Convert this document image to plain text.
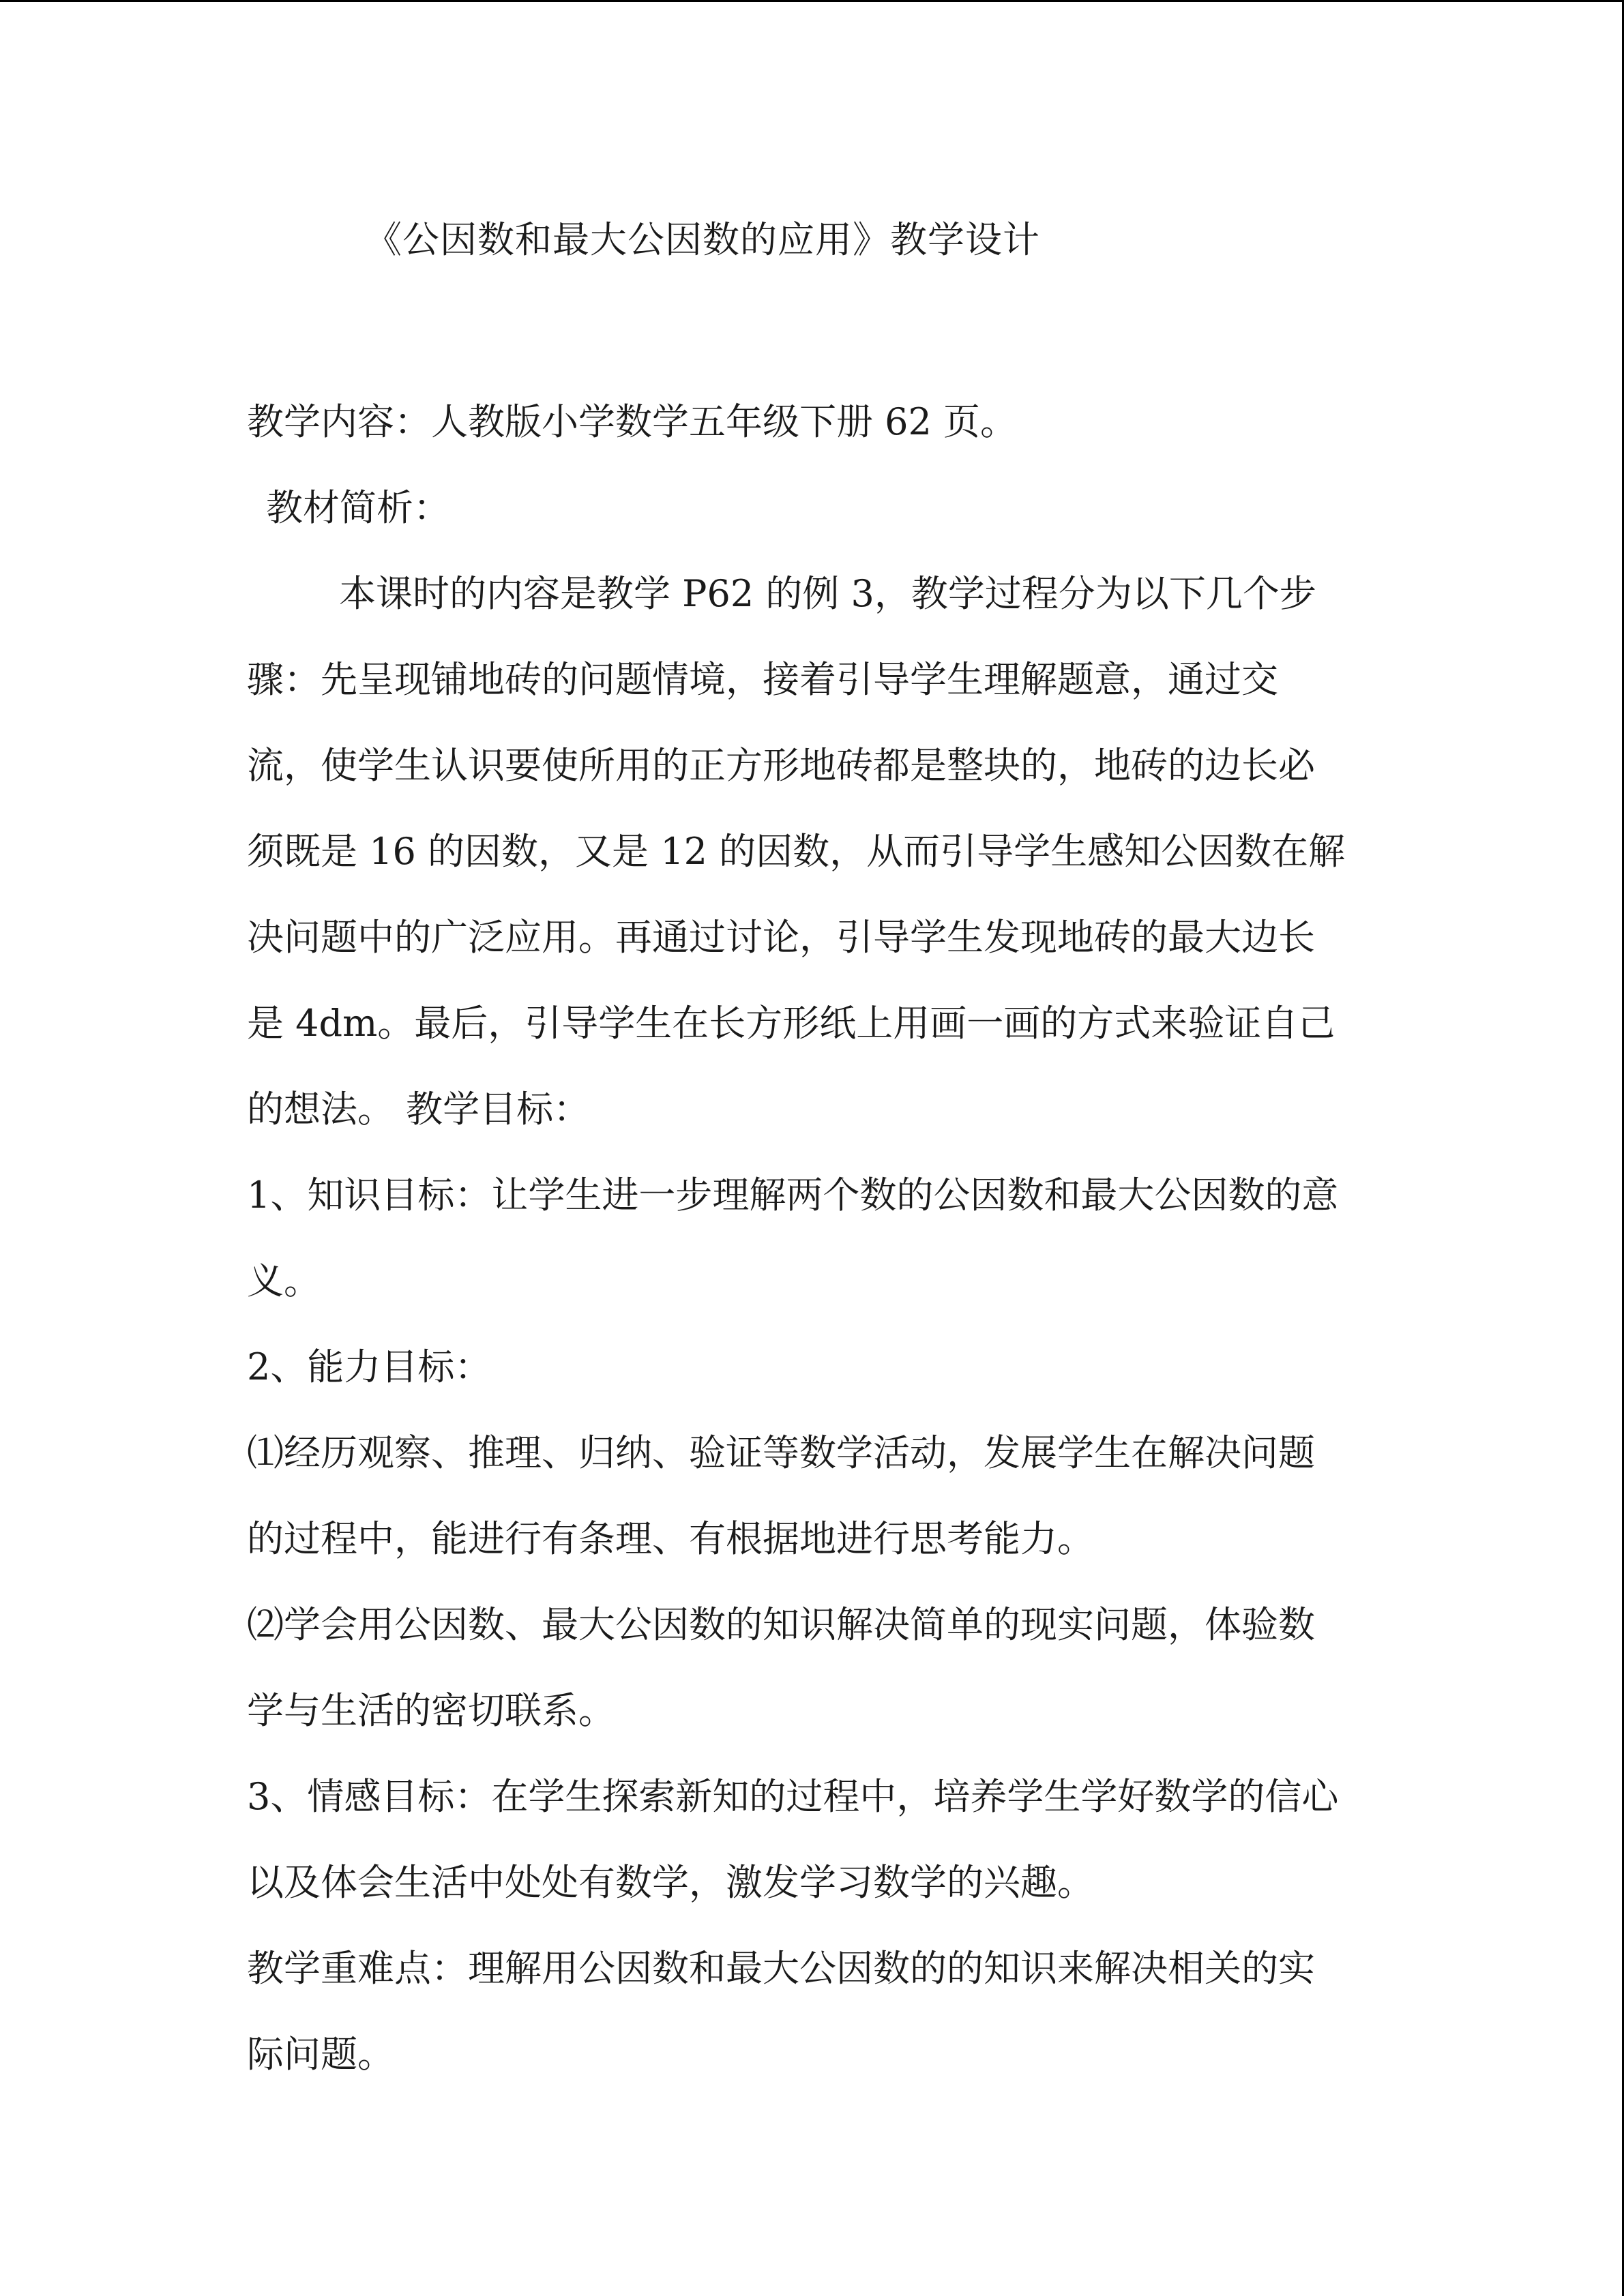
《公因数和最大公因数的应用》教学设计
教学内容：人教版小学数学五年级下册 62 页。
教材简析：
本课时的内容是教学 P62 的例 3，教学过程分为以下几个步
骤：先呈现铺地砖的问题情境，接着引导学生理解题意，通过交
流，使学生认识要使所用的正方形地砖都是整块的，地砖的边长必
须既是 16 的因数，又是 12 的因数，从而引导学生感知公因数在解
决问题中的广泛应用。再通过讨论，引导学生发现地砖的最大边长
是 4dm。最后，引导学生在长方形纸上用画一画的方式来验证自己
的想法。 教学目标：
1、知识目标：让学生进一步理解两个数的公因数和最大公因数的意
义。
2、能力目标：
⑴经历观察、推理、归纳、验证等数学活动，发展学生在解决问题
的过程中，能进行有条理、有根据地进行思考能力。
⑵学会用公因数、最大公因数的知识解决简单的现实问题，体验数
学与生活的密切联系。
3、情感目标：在学生探索新知的过程中，培养学生学好数学的信心
以及体会生活中处处有数学，激发学习数学的兴趣。
教学重难点：理解用公因数和最大公因数的的知识来解决相关的实
际问题。
